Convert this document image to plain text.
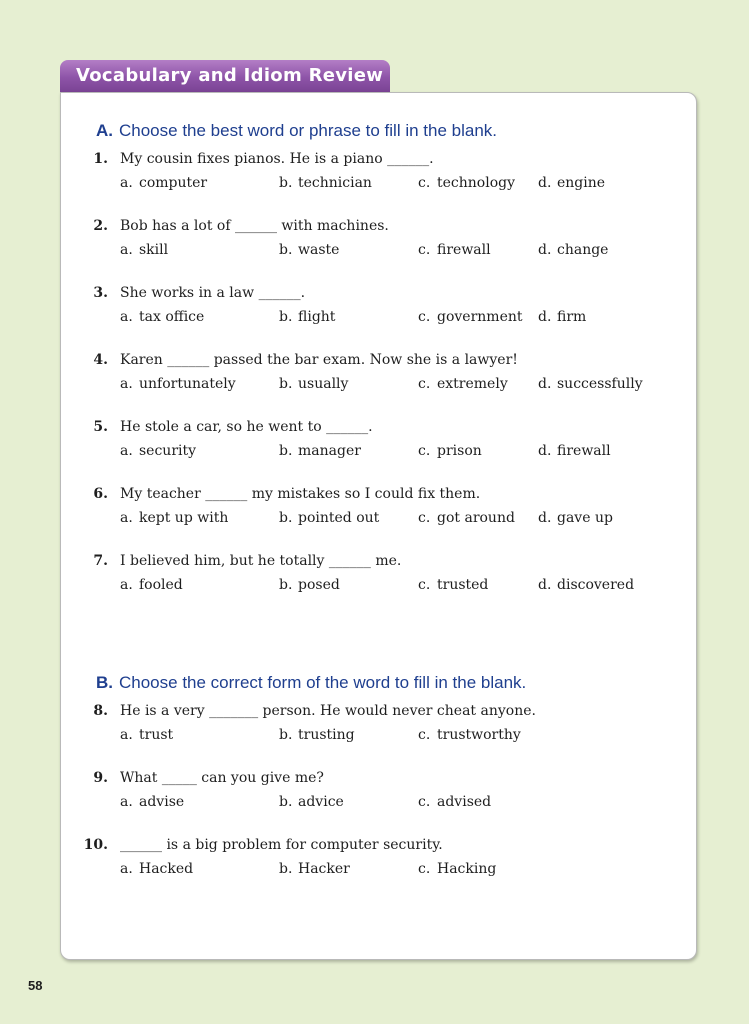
Vocabulary and Idiom Review
A. Choose the best word or phrase to fill in the blank.
1. My cousin fixes pianos. He is a piano ______.
a. computer	b. technician	c. technology d. engine
2. Bob has a lot of ______ with machines.
a. skill	b. waste	c. firewall	d. change
3. She works in a law ______.
a. tax office	b. flight	c. government d. firm
4. Karen ______ passed the bar exam. Now she is a lawyer!
a. unfortunately	b. usually	c. extremely d. successfully
5. He stole a car, so he went to ______.
a. security	b. manager	c. prison	d. firewall
6. My teacher ______ my mistakes so I could fix them.
a. kept up with	b. pointed out	c. got around d. gave up
7. I believed him, but he totally ______ me.
a. fooled	b. posed	c. trusted	d. discovered
B. Choose the correct form of the word to fill in the blank.
8. He is a very _______ person. He would never cheat anyone.
a. trust	b. trusting	c. trustworthy
9. What _____ can you give me?
a. advise	b. advice	c. advised
10. ______ is a big problem for computer security.
a. Hacked	b. Hacker	c. Hacking
58
